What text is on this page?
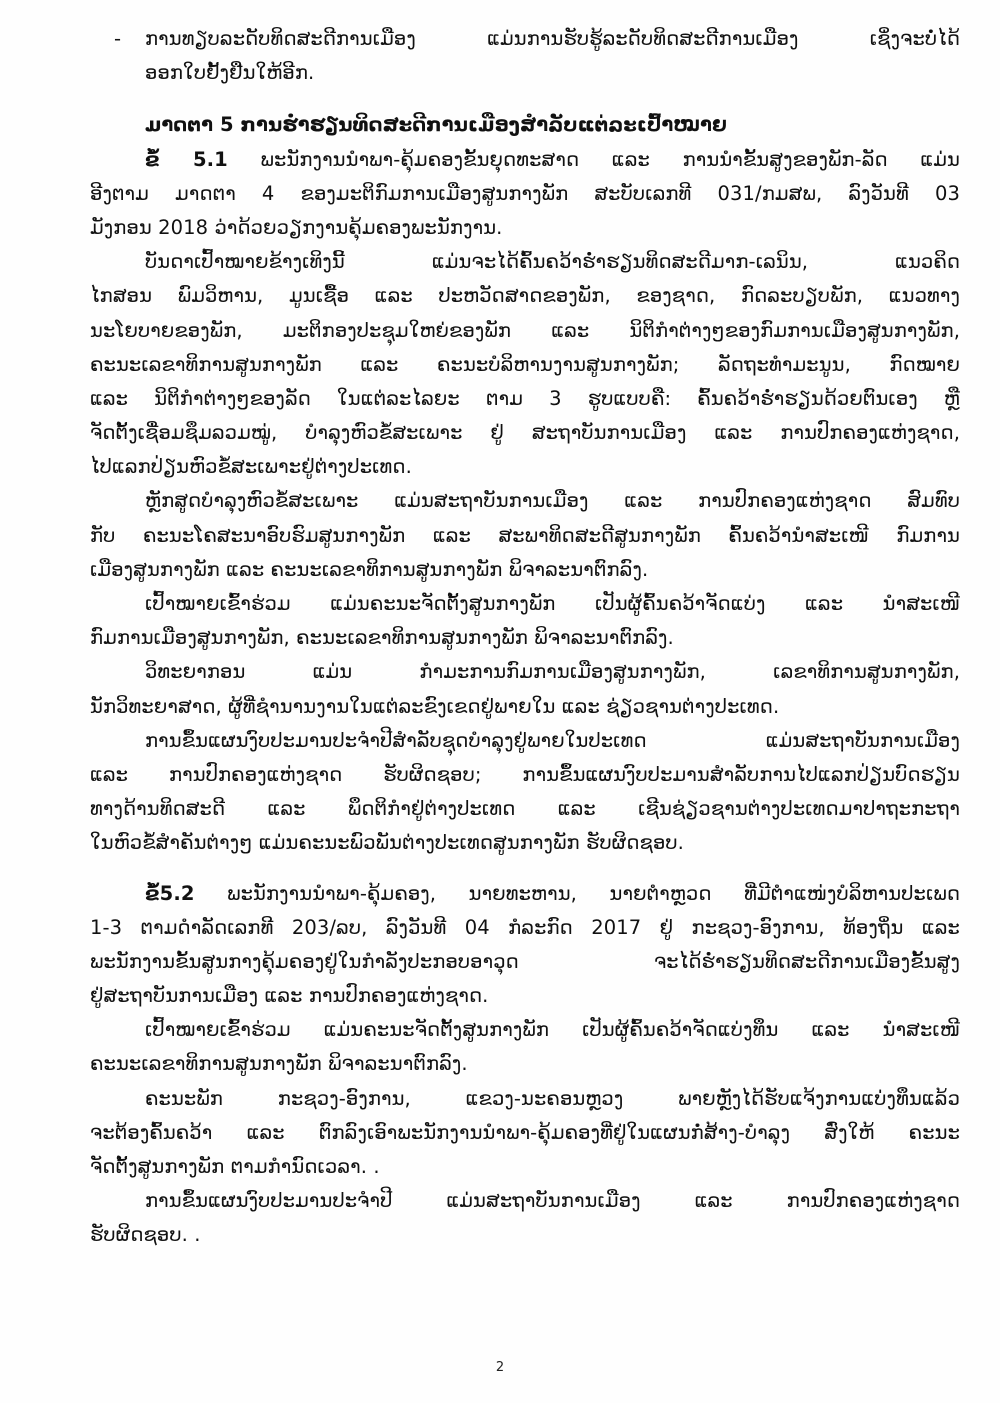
- ການທຽບລະດັບທິດສະດີການເມືອງ ແມ່ນການຮັບຮູ້ລະດັບທິດສະດີການເມືອງ ເຊິ່ງຈະບໍ່ໄດ້
ອອກໃບຢັ້ງຢືນໃຫ້ອີກ.
ມາດຕາ 5 ການຮໍ່າຮຽນທິດສະດີການເມືອງສໍາລັບແຕ່ລະເປົ້າໝາຍ
ຂໍ້ 5.1 ພະນັກງານນໍາພາ-ຄຸ້ມຄອງຂັ້ນຍຸດທະສາດ ແລະ ການນໍາຂັ້ນສູງຂອງພັກ-ລັດ ແມ່ນ
ອີງຕາມ ມາດຕາ 4 ຂອງມະຕິກົມການເມືອງສູນກາງພັກ ສະບັບເລກທີ 031/ກມສພ, ລົງວັນທີ 03
ມັງກອນ 2018 ວ່າດ້ວຍວຽກງານຄຸ້ມຄອງພະນັກງານ.
ບັນດາເປົ້າໝາຍຂ້າງເທິງນີ້ ແມ່ນຈະໄດ້ຄົ້ນຄວ້າຮໍ່າຮຽນທິດສະດີມາກ-ເລນິນ, ແນວຄິດ
ໄກສອນ ພົມວິຫານ, ມູນເຊື້ອ ແລະ ປະຫວັດສາດຂອງພັກ, ຂອງຊາດ, ກົດລະບຽບພັກ, ແນວທາງ
ນະໂຍບາຍຂອງພັກ, ມະຕິກອງປະຊຸມໃຫຍ່ຂອງພັກ ແລະ ນິຕິກໍາຕ່າງໆຂອງກົມການເມືອງສູນກາງພັກ,
ຄະນະເລຂາທິການສູນກາງພັກ ແລະ ຄະນະບໍລິຫານງານສູນກາງພັກ; ລັດຖະທໍາມະນູນ, ກົດໝາຍ
ແລະ ນິຕິກໍາຕ່າງໆຂອງລັດ ໃນແຕ່ລະໄລຍະ ຕາມ 3 ຮູບແບບຄື: ຄົ້ນຄວ້າຮໍ່າຮຽນດ້ວຍຕົນເອງ ຫຼື
ຈັດຕັ້ງເຊື່ອມຊຶມລວມໝູ່, ບໍາລຸງຫົວຂໍ້ສະເພາະ ຢູ່ ສະຖາບັນການເມືອງ ແລະ ການປົກຄອງແຫ່ງຊາດ,
ໄປແລກປ່ຽນຫົວຂໍ້ສະເພາະຢູ່ຕ່າງປະເທດ.
ຫຼັກສູດບໍາລຸງຫົວຂໍ້ສະເພາະ ແມ່ນສະຖາບັນການເມືອງ ແລະ ການປົກຄອງແຫ່ງຊາດ ສົມທົບ
ກັບ ຄະນະໂຄສະນາອົບຮົມສູນກາງພັກ ແລະ ສະພາທິດສະດີສູນກາງພັກ ຄົ້ນຄວ້ານໍາສະເໜີ ກົມການ
ເມືອງສູນກາງພັກ ແລະ ຄະນະເລຂາທິການສູນກາງພັກ ພິຈາລະນາຕົກລົງ.
ເປົ້າໝາຍເຂົ້າຮ່ວມ ແມ່ນຄະນະຈັດຕັ້ງສູນກາງພັກ ເປັນຜູ້ຄົ້ນຄວ້າຈັດແບ່ງ ແລະ ນໍາສະເໜີ
ກົມການເມືອງສູນກາງພັກ, ຄະນະເລຂາທິການສູນກາງພັກ ພິຈາລະນາຕົກລົງ.
ວິທະຍາກອນ ແມ່ນ ກໍາມະການກົມການເມືອງສູນກາງພັກ, ເລຂາທິການສູນກາງພັກ,
ນັກວິທະຍາສາດ, ຜູ້ທີ່ຊໍານານງານໃນແຕ່ລະຂົງເຂດຢູ່ພາຍໃນ ແລະ ຊ່ຽວຊານຕ່າງປະເທດ.
ການຂຶ້ນແຜນງົບປະມານປະຈໍາປີສໍາລັບຊຸດບໍາລຸງຢູ່ພາຍໃນປະເທດ ແມ່ນສະຖາບັນການເມືອງ
ແລະ ການປົກຄອງແຫ່ງຊາດ ຮັບຜິດຊອບ; ການຂຶ້ນແຜນງົບປະມານສໍາລັບການໄປແລກປ່ຽນບົດຮຽນ
ທາງດ້ານທິດສະດີ ແລະ ພຶດຕິກໍາຢູ່ຕ່າງປະເທດ ແລະ ເຊີນຊ່ຽວຊານຕ່າງປະເທດມາປາຖະກະຖາ
ໃນຫົວຂໍ້ສໍາຄັນຕ່າງໆ ແມ່ນຄະນະພົວພັນຕ່າງປະເທດສູນກາງພັກ ຮັບຜິດຊອບ.
ຂໍ້5.2 ພະນັກງານນໍາພາ-ຄຸ້ມຄອງ, ນາຍທະຫານ, ນາຍຕໍາຫຼວດ ທີ່ມີຕໍາແໜ່ງບໍລິຫານປະເພດ
1-3 ຕາມດໍາລັດເລກທີ 203/ລບ, ລົງວັນທີ 04 ກໍລະກົດ 2017 ຢູ່ ກະຊວງ-ອົງການ, ທ້ອງຖິ່ນ ແລະ
ພະນັກງານຂັ້ນສູນກາງຄຸ້ມຄອງຢູ່ໃນກໍາລັງປະກອບອາວຸດ ຈະໄດ້ຮໍ່າຮຽນທິດສະດີການເມືອງຂັ້ນສູງ
ຢູ່ສະຖາບັນການເມືອງ ແລະ ການປົກຄອງແຫ່ງຊາດ.
ເປົ້າໝາຍເຂົ້າຮ່ວມ ແມ່ນຄະນະຈັດຕັ້ງສູນກາງພັກ ເປັນຜູ້ຄົ້ນຄວ້າຈັດແບ່ງທຶນ ແລະ ນໍາສະເໜີ
ຄະນະເລຂາທິການສູນກາງພັກ ພິຈາລະນາຕົກລົງ.
ຄະນະພັກ ກະຊວງ-ອົງການ, ແຂວງ-ນະຄອນຫຼວງ ພາຍຫຼັງໄດ້ຮັບແຈ້ງການແບ່ງທຶນແລ້ວ
ຈະຕ້ອງຄົ້ນຄວ້າ ແລະ ຕົກລົງເອົາພະນັກງານນໍາພາ-ຄຸ້ມຄອງທີ່ຢູ່ໃນແຜນກໍ່ສ້າງ-ບໍາລຸງ ສົ່ງໃຫ້ ຄະນະ
ຈັດຕັ້ງສູນກາງພັກ ຕາມກໍານົດເວລາ. .
ການຂຶ້ນແຜນງົບປະມານປະຈໍາປີ ແມ່ນສະຖາບັນການເມືອງ ແລະ ການປົກຄອງແຫ່ງຊາດ
ຮັບຜິດຊອບ. .
2
